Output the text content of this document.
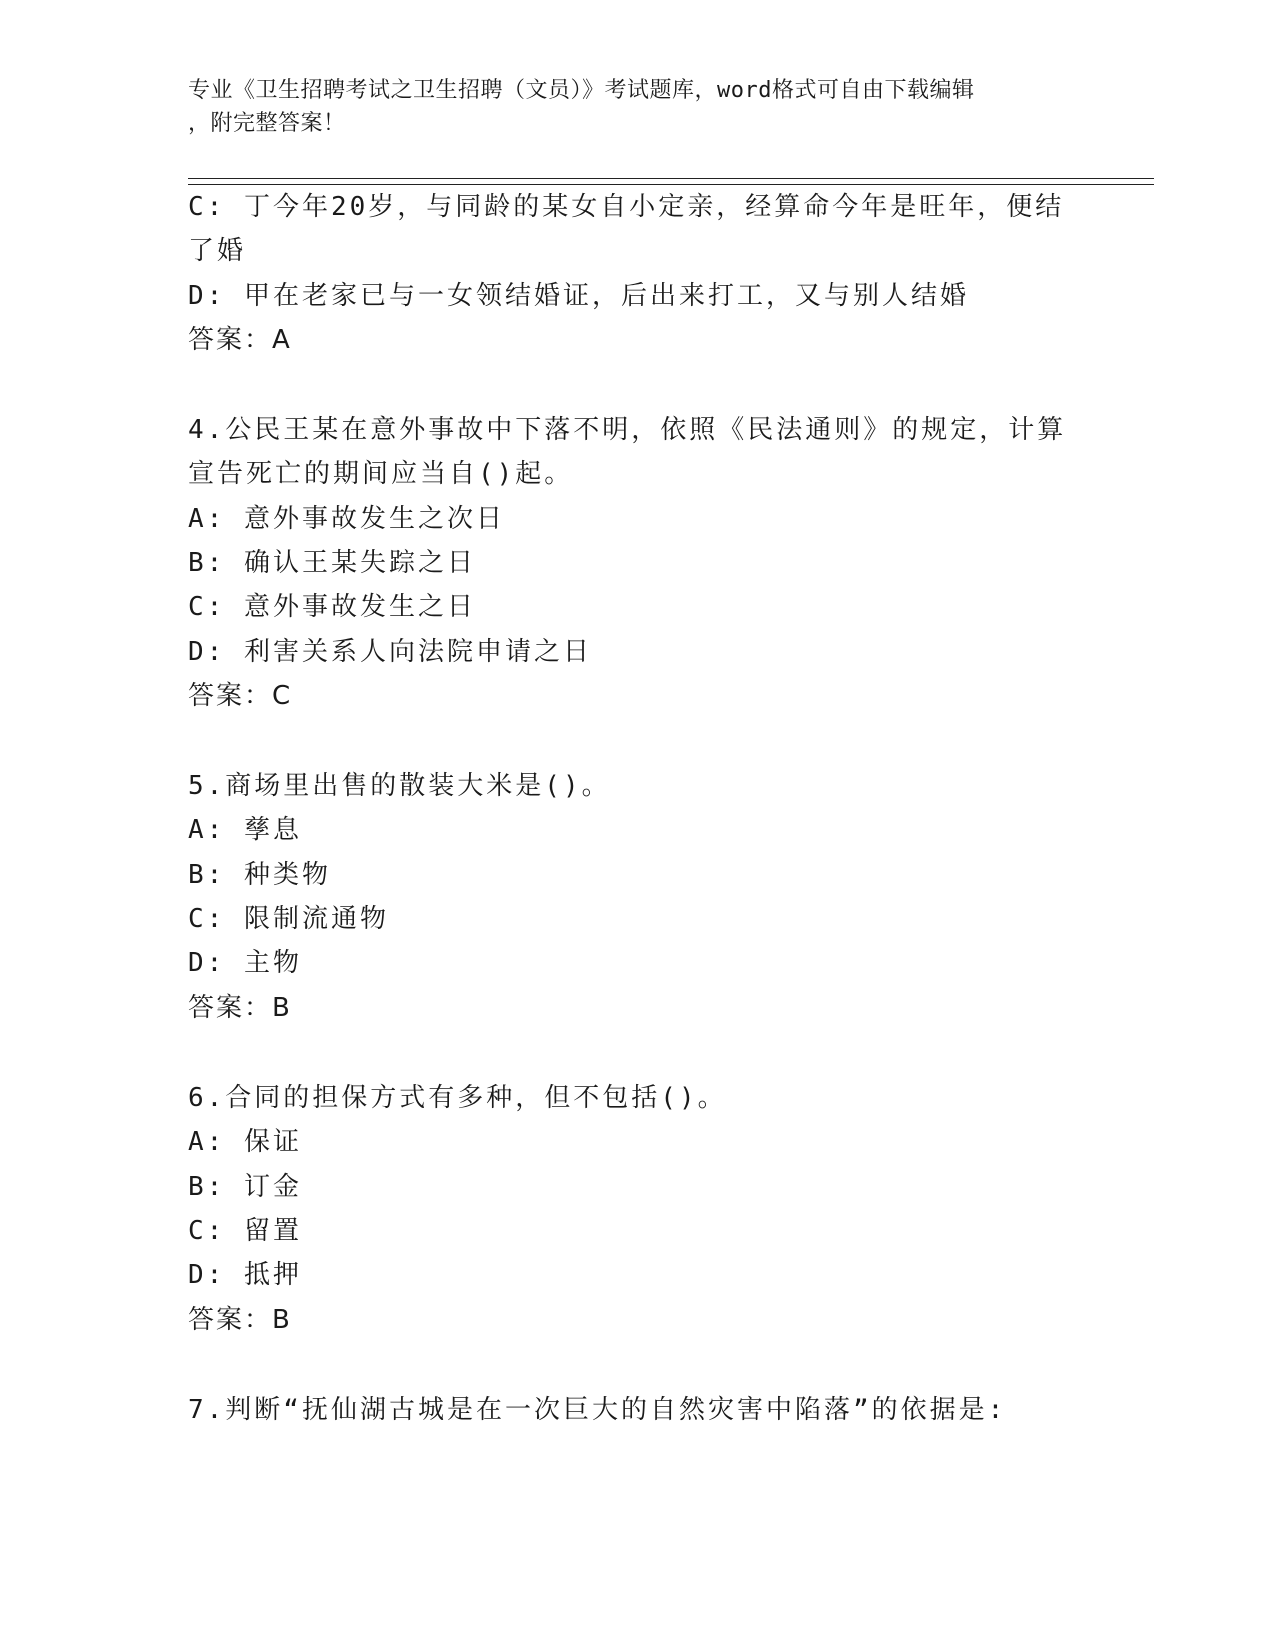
专业《卫生招聘考试之卫生招聘（文员）》考试题库，word格式可自由下载编辑
，附完整答案！
C: 丁今年20岁，与同龄的某女自小定亲，经算命今年是旺年，便结
了婚
D: 甲在老家已与一女领结婚证，后出来打工，又与别人结婚
答案：A
4.公民王某在意外事故中下落不明，依照《民法通则》的规定，计算
宣告死亡的期间应当自()起。
A: 意外事故发生之次日
B: 确认王某失踪之日
C: 意外事故发生之日
D: 利害关系人向法院申请之日
答案：C
5.商场里出售的散装大米是()。
A: 孳息
B: 种类物
C: 限制流通物
D: 主物
答案：B
6.合同的担保方式有多种，但不包括()。
A: 保证
B: 订金
C: 留置
D: 抵押
答案：B
7.判断“抚仙湖古城是在一次巨大的自然灾害中陷落”的依据是:
